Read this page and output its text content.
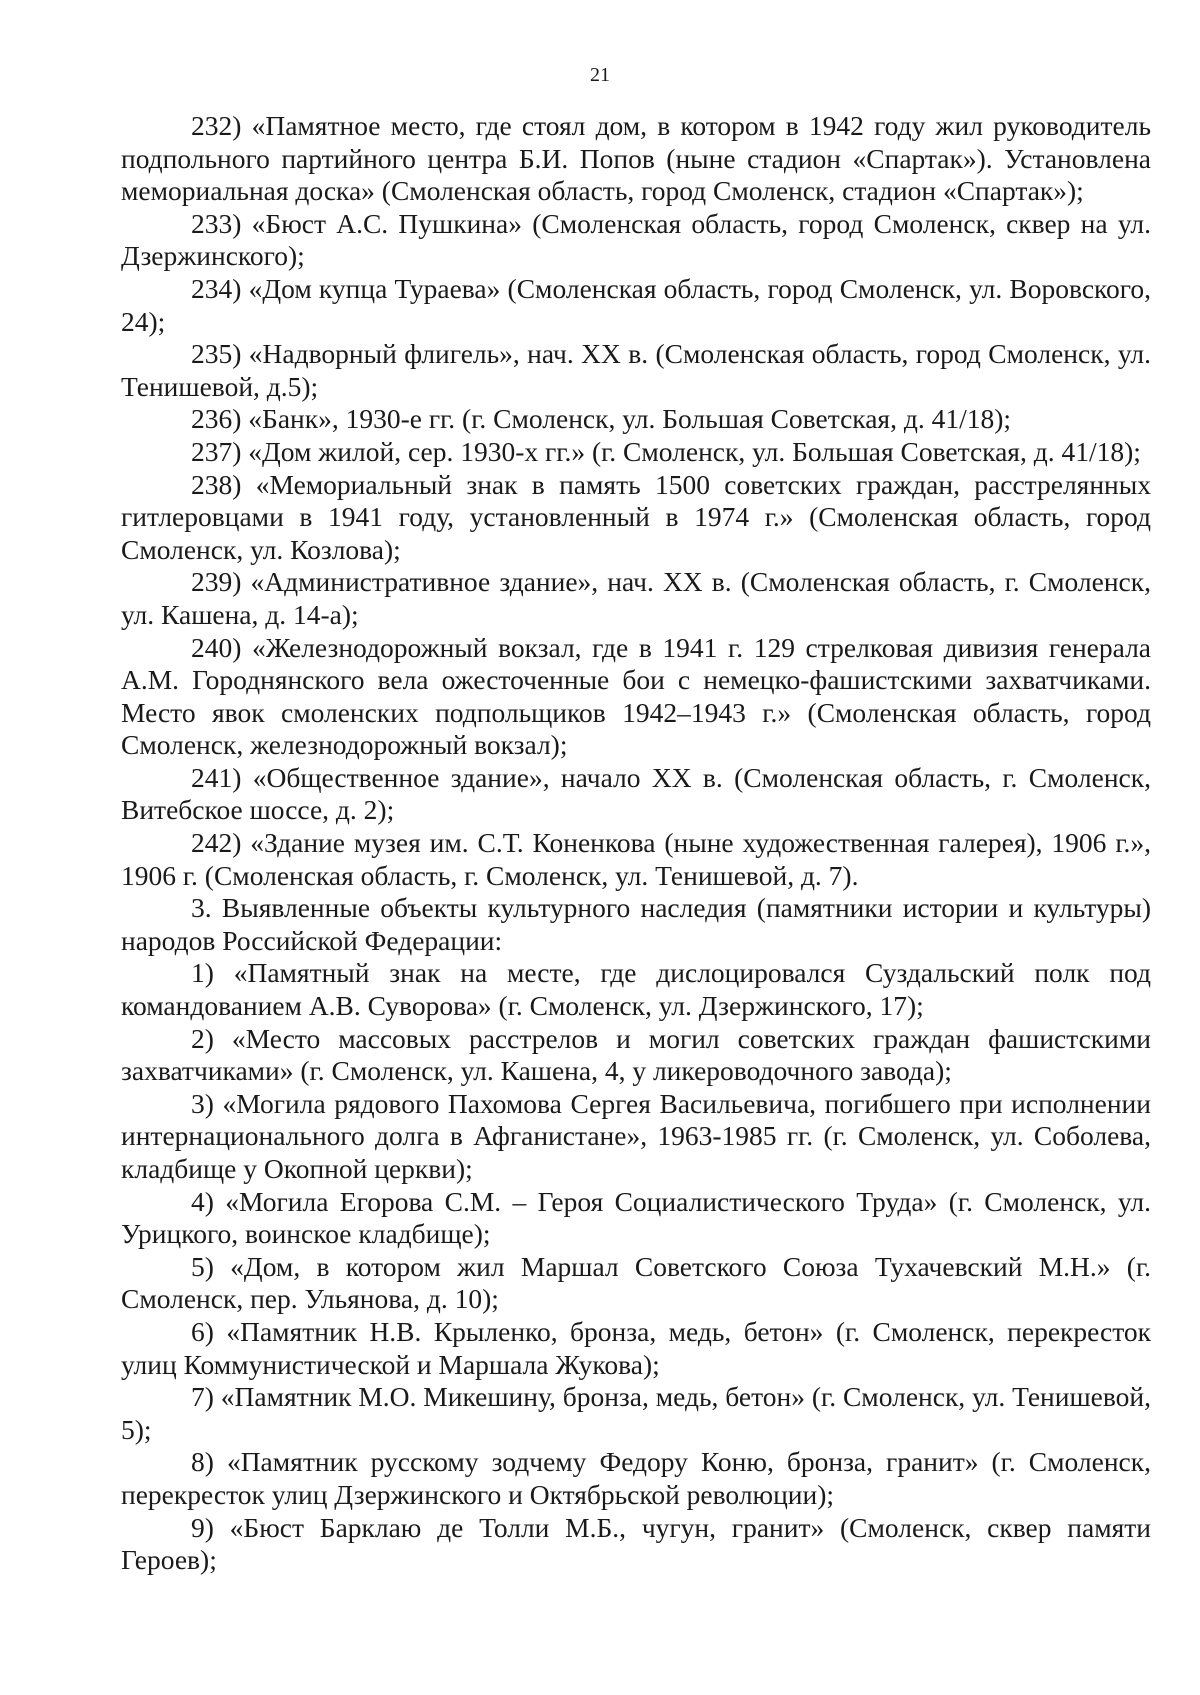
21

232) «Памятное место, где стоял дом, в котором в 1942 году жил руководитель подпольного партийного центра Б.И. Попов (ныне стадион «Спартак»). Установлена мемориальная доска» (Смоленская область, город Смоленск, стадион «Спартак»);

233) «Бюст А.С. Пушкина» (Смоленская область, город Смоленск, сквер на ул. Дзержинского);

234) «Дом купца Тураева» (Смоленская область, город Смоленск, ул. Воровского, 24);

235) «Надворный флигель», нач. XX в. (Смоленская область, город Смоленск, ул. Тенишевой, д.5);

236) «Банк», 1930-е гг. (г. Смоленск, ул. Большая Советская, д. 41/18);

237) «Дом жилой, сер. 1930-х гг.» (г. Смоленск, ул. Большая Советская, д. 41/18);

238) «Мемориальный знак в память 1500 советских граждан, расстрелянных гитлеровцами в 1941 году, установленный в 1974 г.» (Смоленская область, город Смоленск, ул. Козлова);

239) «Административное здание», нач. XX в. (Смоленская область, г. Смоленск, ул. Кашена, д. 14-а);

240) «Железнодорожный вокзал, где в 1941 г. 129 стрелковая дивизия генерала А.М. Городнянского вела ожесточенные бои с немецко-фашистскими захватчиками. Место явок смоленских подпольщиков 1942–1943 г.» (Смоленская область, город Смоленск, железнодорожный вокзал);

241) «Общественное здание», начало XX в. (Смоленская область, г. Смоленск, Витебское шоссе, д. 2);

242) «Здание музея им. С.Т. Коненкова (ныне художественная галерея), 1906 г.», 1906 г. (Смоленская область, г. Смоленск, ул. Тенишевой, д. 7).

3. Выявленные объекты культурного наследия (памятники истории и культуры) народов Российской Федерации:

1) «Памятный знак на месте, где дислоцировался Суздальский полк под командованием А.В. Суворова» (г. Смоленск, ул. Дзержинского, 17);

2) «Место массовых расстрелов и могил советских граждан фашистскими захватчиками» (г. Смоленск, ул. Кашена, 4, у ликероводочного завода);

3) «Могила рядового Пахомова Сергея Васильевича, погибшего при исполнении интернационального долга в Афганистане», 1963-1985 гг. (г. Смоленск, ул. Соболева, кладбище у Окопной церкви);

4) «Могила Егорова С.М. – Героя Социалистического Труда» (г. Смоленск, ул. Урицкого, воинское кладбище);

5) «Дом, в котором жил Маршал Советского Союза Тухачевский М.Н.» (г. Смоленск, пер. Ульянова, д. 10);

6) «Памятник Н.В. Крыленко, бронза, медь, бетон» (г. Смоленск, перекресток улиц Коммунистической и Маршала Жукова);

7) «Памятник М.О. Микешину, бронза, медь, бетон» (г. Смоленск, ул. Тенишевой, 5);

8) «Памятник русскому зодчему Федору Коню, бронза, гранит» (г. Смоленск, перекресток улиц Дзержинского и Октябрьской революции);

9) «Бюст Барклаю де Толли М.Б., чугун, гранит» (Смоленск, сквер памяти Героев);
